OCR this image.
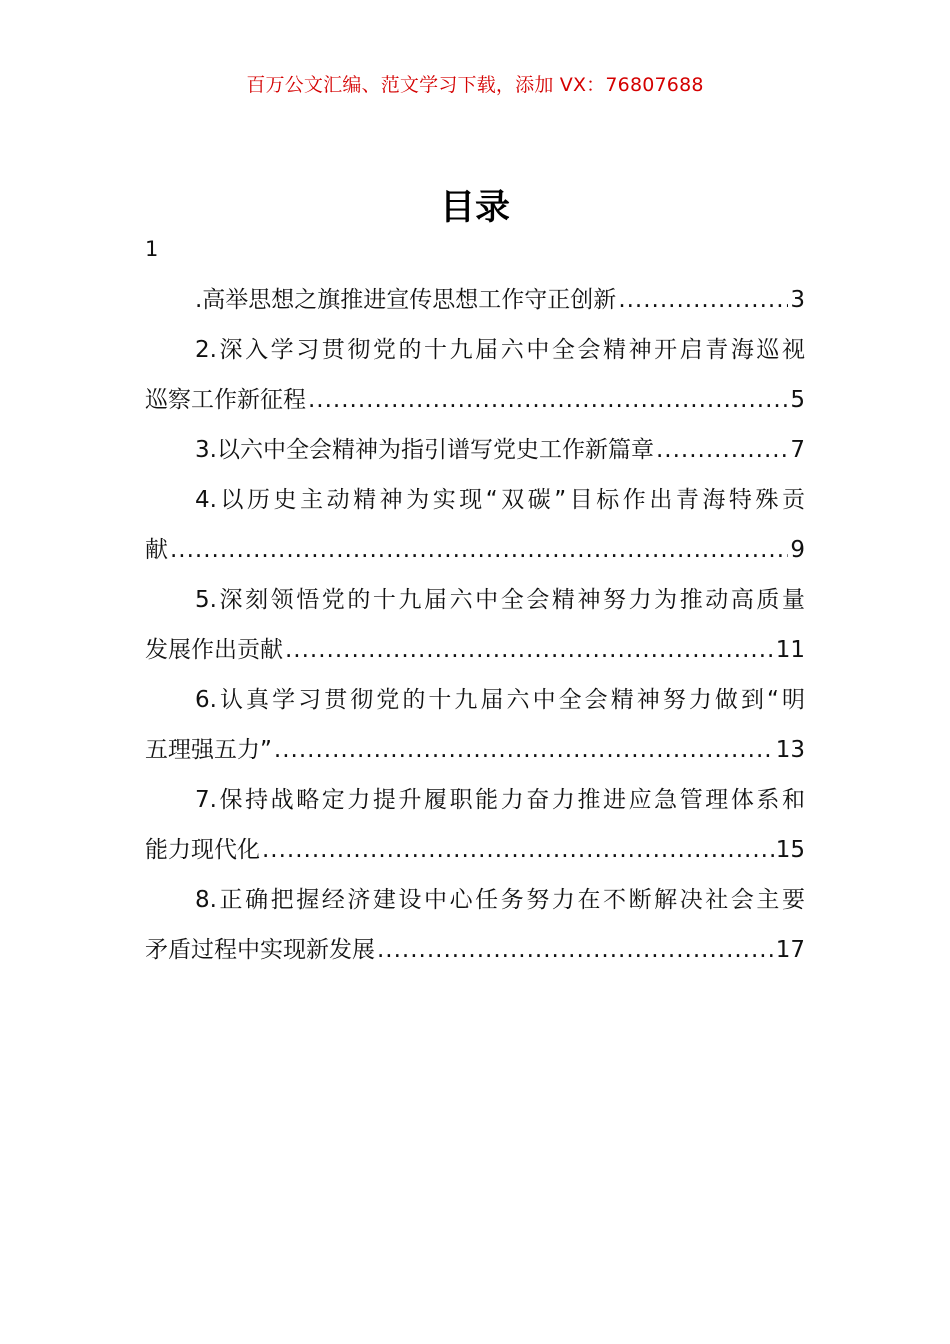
百万公文汇编、范文学习下载，添加 VX：76807688
目录
1
.高举思想之旗推进宣传思想工作守正创新 .....	3
2.深入学习贯彻党的十九届六中全会精神开启青海巡视
巡察工作新征程 .....	5
3.以六中全会精神为指引谱写党史工作新篇章 .....	7
4.以历史主动精神为实现“双碳”目标作出青海特殊贡
献 .....	9
5.深刻领悟党的十九届六中全会精神努力为推动高质量
发展作出贡献 .....	11
6.认真学习贯彻党的十九届六中全会精神努力做到“明
五理强五力” .....	13
7.保持战略定力提升履职能力奋力推进应急管理体系和
能力现代化 .....	15
8.正确把握经济建设中心任务努力在不断解决社会主要
矛盾过程中实现新发展 .....	17
